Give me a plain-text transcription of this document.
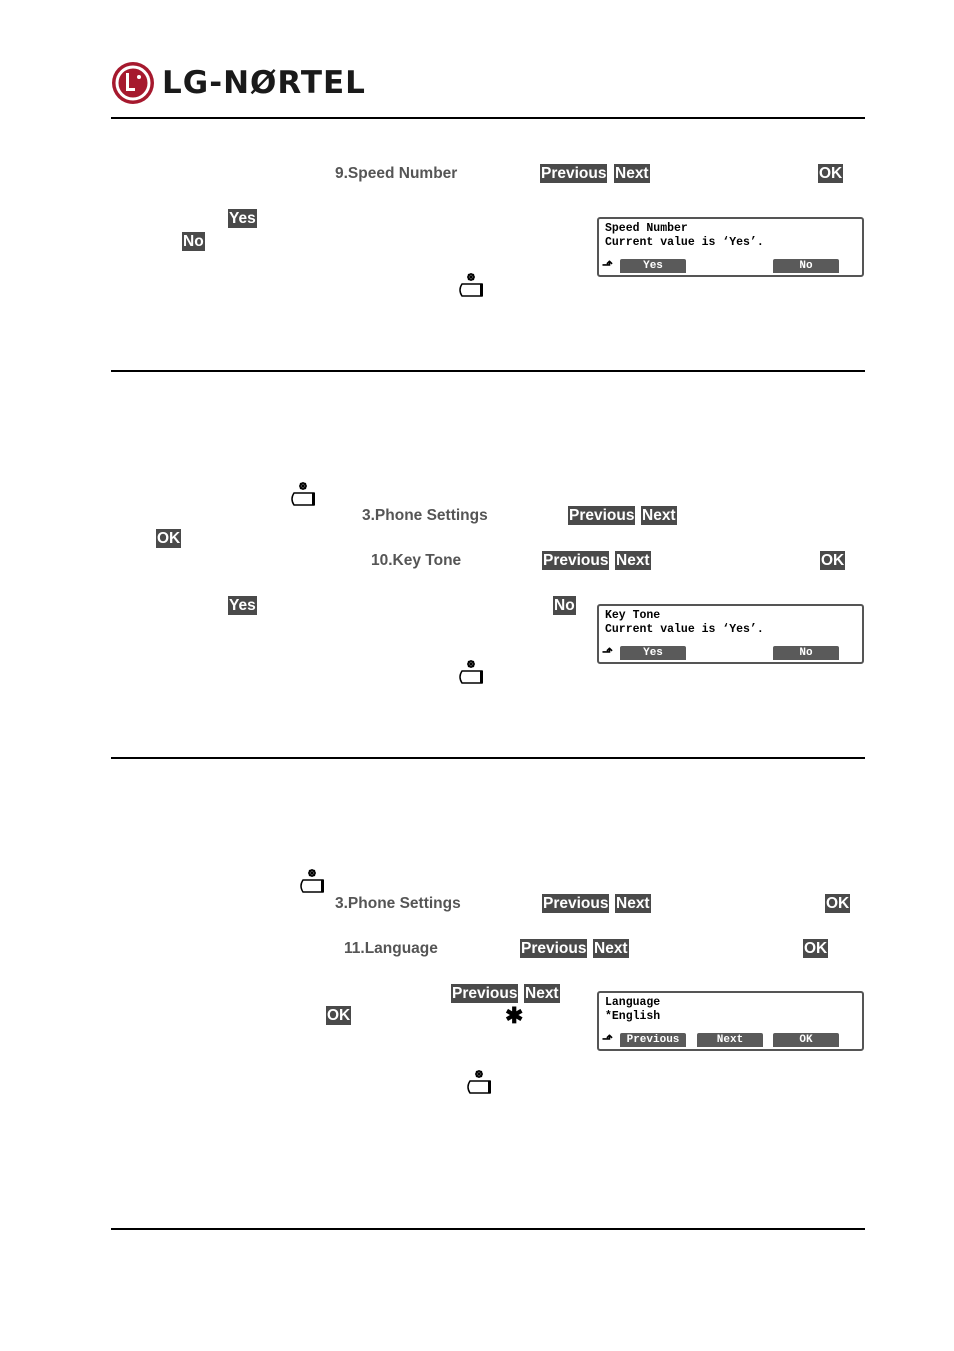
LG-NØRTEL
9.Speed Number	Previous Next	OK
Yes
No
Speed Number
Current value is ‘Yes’.
⬏	Yes	No
3.Phone Settings	Previous Next
OK
10.Key Tone	Previous Next	OK
Yes	No
Key Tone
Current value is ‘Yes’.
⬏	Yes	No
3.Phone Settings	Previous Next	OK
11.Language	Previous Next	OK
Previous Next
OK	✱
Language
*English
⬏	Previous	Next	OK
